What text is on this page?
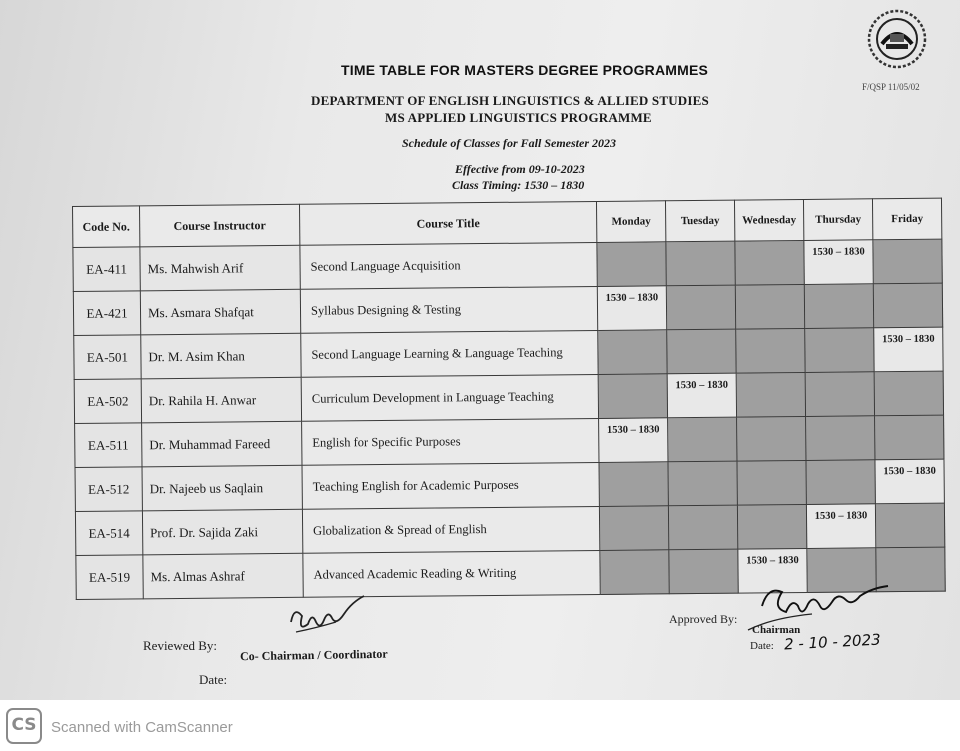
F/QSP 11/05/02
TIME TABLE FOR MASTERS DEGREE PROGRAMMES
DEPARTMENT OF ENGLISH LINGUISTICS & ALLIED STUDIES
MS APPLIED LINGUISTICS PROGRAMME
Schedule of Classes for Fall Semester 2023
Effective from 09-10-2023
Class Timing: 1530 – 1830
Code No.	Course Instructor	Course Title	Monday	Tuesday	Wednesday	Thursday	Friday
EA-411	Ms. Mahwish Arif	Second Language Acquisition				1530 – 1830	
EA-421	Ms. Asmara Shafqat	Syllabus Designing & Testing	1530 – 1830				
EA-501	Dr. M. Asim Khan	Second Language Learning & Language Teaching					1530 – 1830
EA-502	Dr. Rahila H. Anwar	Curriculum Development in Language Teaching		1530 – 1830			
EA-511	Dr. Muhammad Fareed	English for Specific Purposes	1530 – 1830				
EA-512	Dr. Najeeb us Saqlain	Teaching English for Academic Purposes					1530 – 1830
EA-514	Prof. Dr. Sajida Zaki	Globalization & Spread of English				1530 – 1830	
EA-519	Ms. Almas Ashraf	Advanced Academic Reading & Writing			1530 – 1830		
Reviewed By:
Co- Chairman / Coordinator
Date:
Approved By:
Chairman
Date: 2 - 10 - 2023
CS Scanned with CamScanner
